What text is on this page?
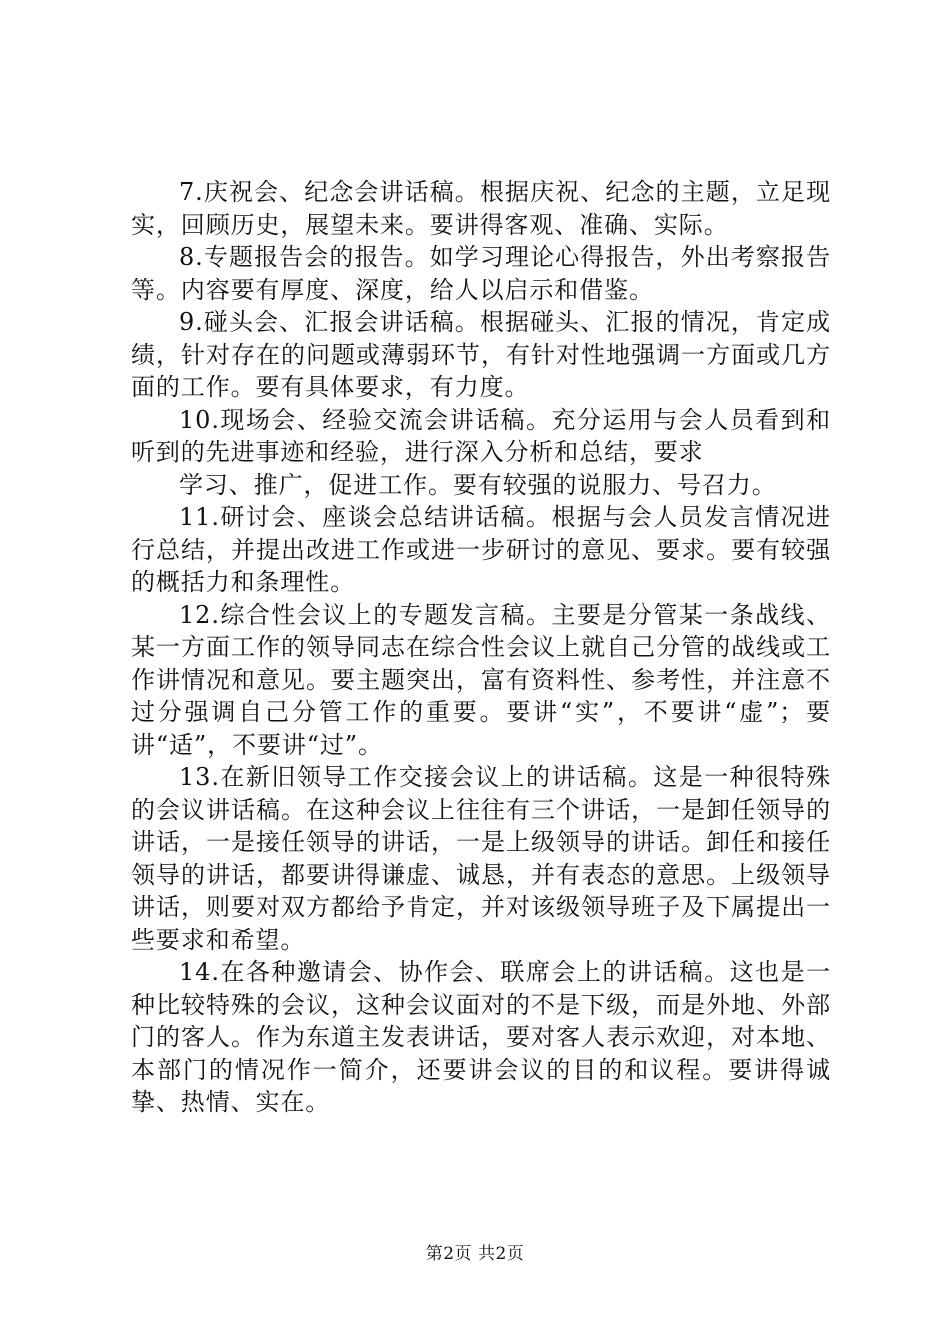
7.庆祝会、纪念会讲话稿。根据庆祝、纪念的主题，立足现实，回顾历史，展望未来。要讲得客观、准确、实际。

8.专题报告会的报告。如学习理论心得报告，外出考察报告等。内容要有厚度、深度，给人以启示和借鉴。

9.碰头会、汇报会讲话稿。根据碰头、汇报的情况，肯定成绩，针对存在的问题或薄弱环节，有针对性地强调一方面或几方面的工作。要有具体要求，有力度。

10.现场会、经验交流会讲话稿。充分运用与会人员看到和听到的先进事迹和经验，进行深入分析和总结，要求

学习、推广，促进工作。要有较强的说服力、号召力。

11.研讨会、座谈会总结讲话稿。根据与会人员发言情况进行总结，并提出改进工作或进一步研讨的意见、要求。要有较强的概括力和条理性。

12.综合性会议上的专题发言稿。主要是分管某一条战线、某一方面工作的领导同志在综合性会议上就自己分管的战线或工作讲情况和意见。要主题突出，富有资料性、参考性，并注意不过分强调自己分管工作的重要。要讲“实”，不要讲“虚”；要讲“适”，不要讲“过”。

13.在新旧领导工作交接会议上的讲话稿。这是一种很特殊的会议讲话稿。在这种会议上往往有三个讲话，一是卸任领导的讲话，一是接任领导的讲话，一是上级领导的讲话。卸任和接任领导的讲话，都要讲得谦虚、诚恳，并有表态的意思。上级领导讲话，则要对双方都给予肯定，并对该级领导班子及下属提出一些要求和希望。

14.在各种邀请会、协作会、联席会上的讲话稿。这也是一种比较特殊的会议，这种会议面对的不是下级，而是外地、外部门的客人。作为东道主发表讲话，要对客人表示欢迎，对本地、本部门的情况作一简介，还要讲会议的目的和议程。要讲得诚挚、热情、实在。

第2页 共2页
